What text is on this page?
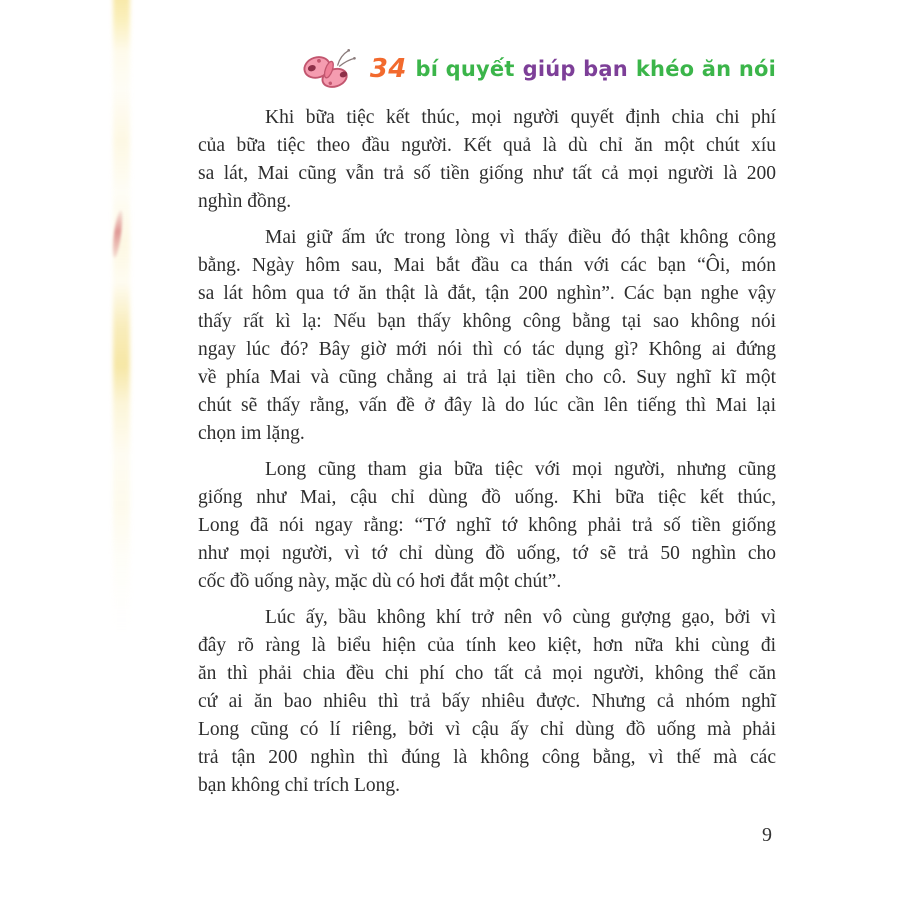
34 bí quyết giúp bạn khéo ăn nói
Khi bữa tiệc kết thúc, mọi người quyết định chia chi phí
của bữa tiệc theo đầu người. Kết quả là dù chỉ ăn một chút xíu
sa lát, Mai cũng vẫn trả số tiền giống như tất cả mọi người là 200
nghìn đồng.
Mai giữ ấm ức trong lòng vì thấy điều đó thật không công
bằng. Ngày hôm sau, Mai bắt đầu ca thán với các bạn “Ôi, món
sa lát hôm qua tớ ăn thật là đắt, tận 200 nghìn”. Các bạn nghe vậy
thấy rất kì lạ: Nếu bạn thấy không công bằng tại sao không nói
ngay lúc đó? Bây giờ mới nói thì có tác dụng gì? Không ai đứng
về phía Mai và cũng chẳng ai trả lại tiền cho cô. Suy nghĩ kĩ một
chút sẽ thấy rằng, vấn đề ở đây là do lúc cần lên tiếng thì Mai lại
chọn im lặng.
Long cũng tham gia bữa tiệc với mọi người, nhưng cũng
giống như Mai, cậu chỉ dùng đồ uống. Khi bữa tiệc kết thúc,
Long đã nói ngay rằng: “Tớ nghĩ tớ không phải trả số tiền giống
như mọi người, vì tớ chỉ dùng đồ uống, tớ sẽ trả 50 nghìn cho
cốc đồ uống này, mặc dù có hơi đắt một chút”.
Lúc ấy, bầu không khí trở nên vô cùng gượng gạo, bởi vì
đây rõ ràng là biểu hiện của tính keo kiệt, hơn nữa khi cùng đi
ăn thì phải chia đều chi phí cho tất cả mọi người, không thể căn
cứ ai ăn bao nhiêu thì trả bấy nhiêu được. Nhưng cả nhóm nghĩ
Long cũng có lí riêng, bởi vì cậu ấy chỉ dùng đồ uống mà phải
trả tận 200 nghìn thì đúng là không công bằng, vì thế mà các
bạn không chỉ trích Long.
9
